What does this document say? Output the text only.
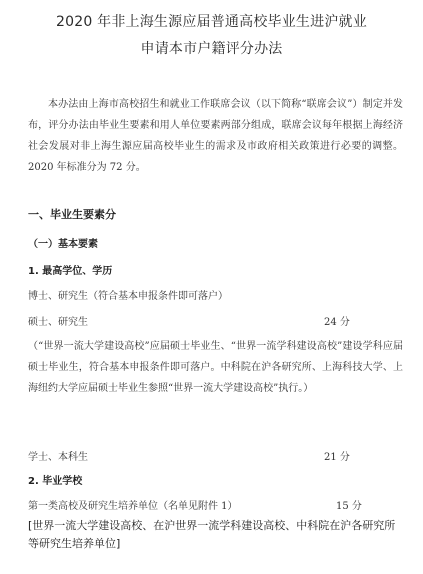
2020 年非上海生源应届普通高校毕业生进沪就业
申请本市户籍评分办法
本办法由上海市高校招生和就业工作联席会议（以下简称“联席会议”）制定并发布，评分办法由毕业生要素和用人单位要素两部分组成，联席会议每年根据上海经济社会发展对非上海生源应届高校毕业生的需求及市政府相关政策进行必要的调整。2020 年标准分为 72 分。
一、毕业生要素分
（一）基本要素
1. 最高学位、学历
博士、研究生（符合基本申报条件即可落户）
硕士、研究生	24 分
（“世界一流大学建设高校”应届硕士毕业生、“世界一流学科建设高校”建设学科应届硕士毕业生，符合基本申报条件即可落户。中科院在沪各研究所、上海科技大学、上海纽约大学应届硕士毕业生参照“世界一流大学建设高校”执行。）
学士、本科生	21 分
2. 毕业学校
第一类高校及研究生培养单位（名单见附件 1）	15 分
[世界一流大学建设高校、在沪世界一流学科建设高校、中科院在沪各研究所等研究生培养单位]
